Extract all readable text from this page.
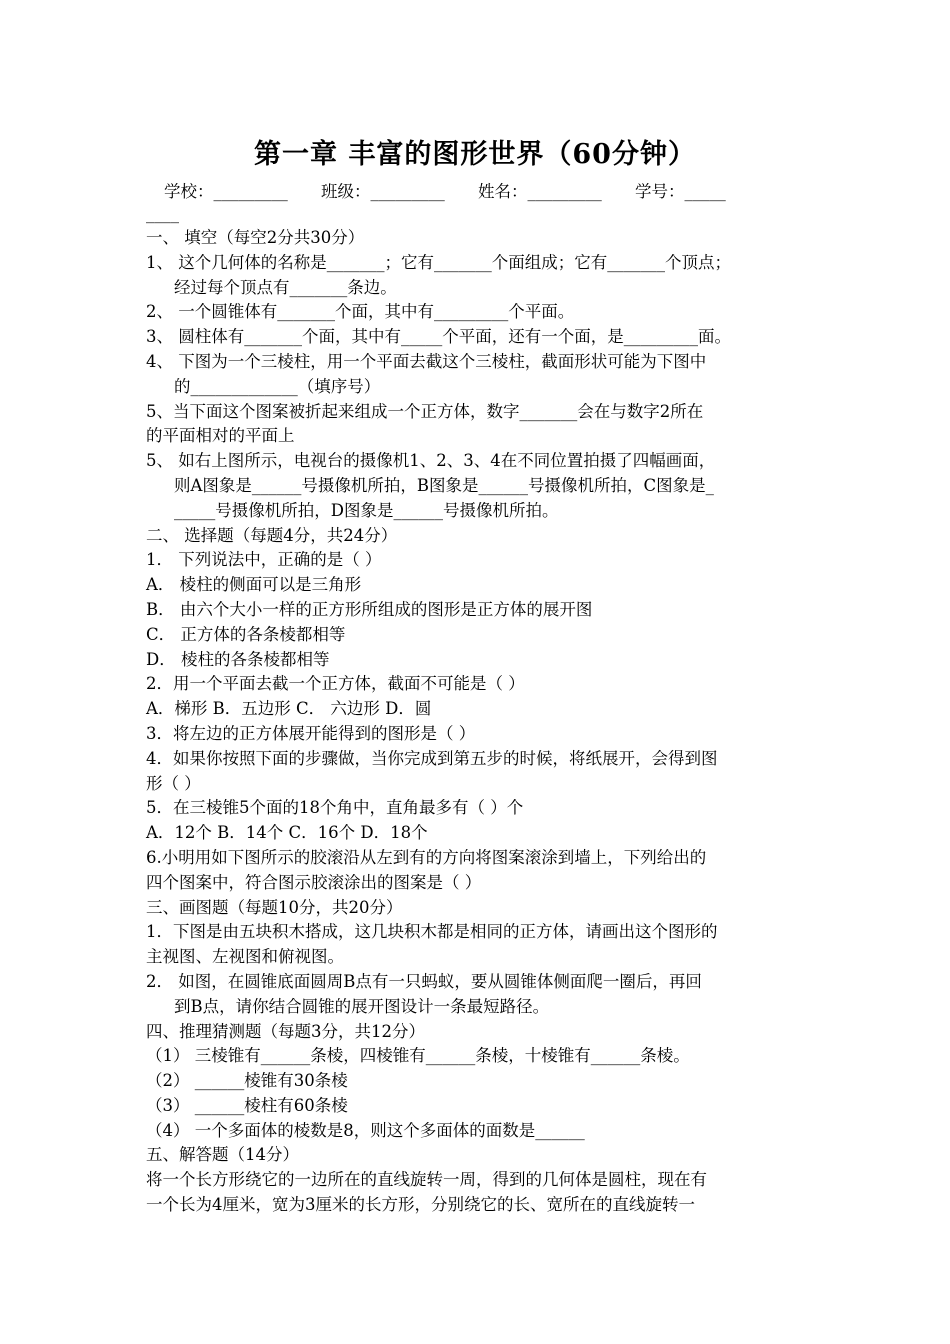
第一章 丰富的图形世界（60分钟）
学校：_________ 班级：_________ 姓名：_________ 学号：_____
____
一、 填空（每空2分共30分）
1、 这个几何体的名称是_______；它有_______个面组成；它有_______个顶点；
经过每个顶点有_______条边。
2、 一个圆锥体有_______个面，其中有_________个平面。
3、 圆柱体有_______个面，其中有_____个平面，还有一个面，是_________面。
4、 下图为一个三棱柱，用一个平面去截这个三棱柱，截面形状可能为下图中
的_____________（填序号）
5、当下面这个图案被折起来组成一个正方体，数字_______会在与数字2所在
的平面相对的平面上
5、 如右上图所示，电视台的摄像机1、2、3、4在不同位置拍摄了四幅画面，
则A图象是______号摄像机所拍，B图象是______号摄像机所拍，C图象是_
_____号摄像机所拍，D图象是______号摄像机所拍。
二、 选择题（每题4分，共24分）
1． 下列说法中，正确的是（ ）
A． 棱柱的侧面可以是三角形
B． 由六个大小一样的正方形所组成的图形是正方体的展开图
C． 正方体的各条棱都相等
D． 棱柱的各条棱都相等
2．用一个平面去截一个正方体，截面不可能是（ ）
A．梯形 B．五边形 C． 六边形 D．圆
3．将左边的正方体展开能得到的图形是（ ）
4．如果你按照下面的步骤做，当你完成到第五步的时候，将纸展开，会得到图
形（ ）
5．在三棱锥5个面的18个角中，直角最多有（ ）个
A．12个 B．14个 C．16个 D．18个
6.小明用如下图所示的胶滚沿从左到有的方向将图案滚涂到墙上，下列给出的
四个图案中，符合图示胶滚涂出的图案是（ ）
三、画图题（每题10分，共20分）
1．下图是由五块积木搭成，这几块积木都是相同的正方体，请画出这个图形的
主视图、左视图和俯视图。
2． 如图，在圆锥底面圆周B点有一只蚂蚁，要从圆锥体侧面爬一圈后，再回
到B点，请你结合圆锥的展开图设计一条最短路径。
四、推理猜测题（每题3分，共12分）
（1） 三棱锥有______条棱，四棱锥有______条棱，十棱锥有______条棱。
（2） ______棱锥有30条棱
（3） ______棱柱有60条棱
（4） 一个多面体的棱数是8，则这个多面体的面数是______
五、解答题（14分）
将一个长方形绕它的一边所在的直线旋转一周，得到的几何体是圆柱，现在有
一个长为4厘米，宽为3厘米的长方形，分别绕它的长、宽所在的直线旋转一
